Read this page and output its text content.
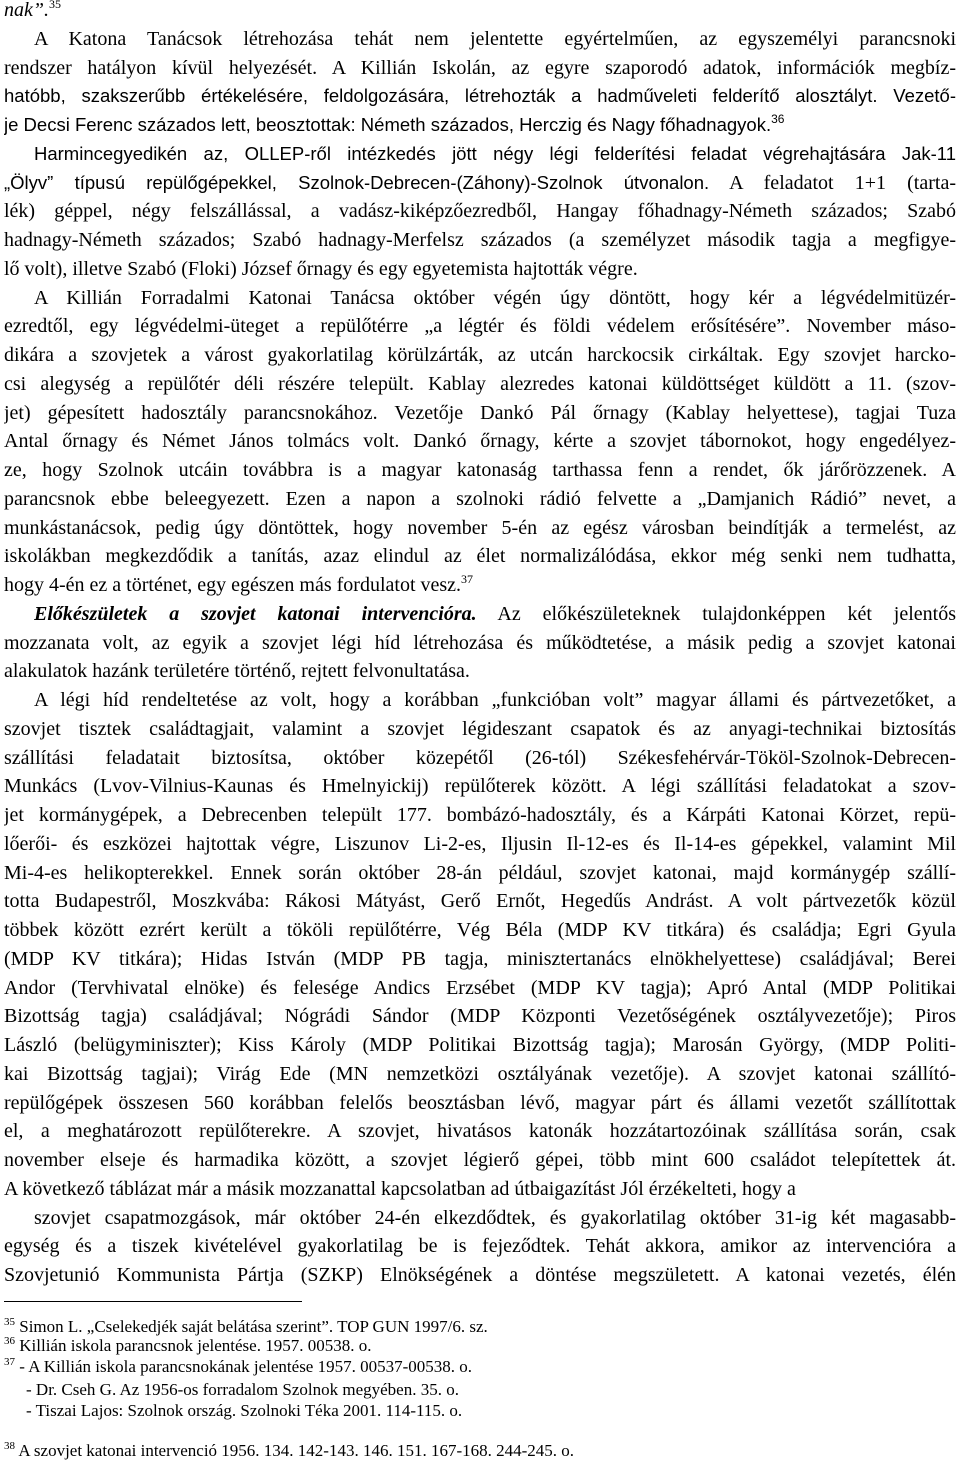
nak”.$^{35}$
A Katona Tanácsok létrehozása tehát nem jelentette egyértelműen, az egyszemélyi parancsnoki
rendszer hatályon kívül helyezését. A Killián Iskolán, az egyre szaporodó adatok, információk megbíz-
hatóbb, szakszerűbb értékelésére, feldolgozására, létrehozták a hadműveleti felderítő alosztályt. Vezető-
je Decsi Ferenc százados lett, beosztottak: Németh százados, Herczig és Nagy főhadnagyok.$^{36}$
Harmincegyedikén az, OLLEP-ről intézkedés jött négy légi felderítési feladat végrehajtására Jak-11
„Ölyv” típusú repülőgépekkel, Szolnok-Debrecen-(Záhony)-Szolnok útvonalon. A feladatot 1+1 (tarta-
lék) géppel, négy felszállással, a vadász-kiképzőezredből, Hangay főhadnagy-Németh százados; Szabó
hadnagy-Németh százados; Szabó hadnagy-Merfelsz százados (a személyzet második tagja a megfigye-
lő volt), illetve Szabó (Floki) József őrnagy és egy egyetemista hajtották végre.
A Killián Forradalmi Katonai Tanácsa október végén úgy döntött, hogy kér a légvédelmitüzér-
ezredtől, egy légvédelmi-üteget a repülőtérre „a légtér és földi védelem erősítésére”. November máso-
dikára a szovjetek a várost gyakorlatilag körülzárták, az utcán harckocsik cirkáltak. Egy szovjet harcko-
csi alegység a repülőtér déli részére települt. Kablay alezredes katonai küldöttséget küldött a 11. (szov-
jet) gépesített hadosztály parancsnokához. Vezetője Dankó Pál őrnagy (Kablay helyettese), tagjai Tuza
Antal őrnagy és Német János tolmács volt. Dankó őrnagy, kérte a szovjet tábornokot, hogy engedélyez-
ze, hogy Szolnok utcáin továbbra is a magyar katonaság tarthassa fenn a rendet, ők járőrözzenek. A
parancsnok ebbe beleegyezett. Ezen a napon a szolnoki rádió felvette a „Damjanich Rádió” nevet, a
munkástanácsok, pedig úgy döntöttek, hogy november 5-én az egész városban beindítják a termelést, az
iskolákban megkezdődik a tanítás, azaz elindul az élet normalizálódása, ekkor még senki nem tudhatta,
hogy 4-én ez a történet, egy egészen más fordulatot vesz.$^{37}$
Előkészületek a szovjet katonai intervencióra. Az előkészületeknek tulajdonképpen két jelentős
mozzanata volt, az egyik a szovjet légi híd létrehozása és működtetése, a másik pedig a szovjet katonai
alakulatok hazánk területére történő, rejtett felvonultatása.
A légi híd rendeltetése az volt, hogy a korábban „funkcióban volt” magyar állami és pártvezetőket, a
szovjet tisztek családtagjait, valamint a szovjet légideszant csapatok és az anyagi-technikai biztosítás
szállítási feladatait biztosítsa, október közepétől (26-tól) Székesfehérvár-Tököl-Szolnok-Debrecen-
Munkács (Lvov-Vilnius-Kaunas és Hmelnyickij) repülőterek között. A légi szállítási feladatokat a szov-
jet kormánygépek, a Debrecenben települt 177. bombázó-hadosztály, és a Kárpáti Katonai Körzet, repü-
lőerői- és eszközei hajtottak végre, Liszunov Li-2-es, Iljusin Il-12-es és Il-14-es gépekkel, valamint Mil
Mi-4-es helikopterekkel. Ennek során október 28-án például, szovjet katonai, majd kormánygép szállí-
totta Budapestről, Moszkvába: Rákosi Mátyást, Gerő Ernőt, Hegedűs Andrást. A volt pártvezetők közül
többek között ezrért került a tököli repülőtérre, Vég Béla (MDP KV titkára) és családja; Egri Gyula
(MDP KV titkára); Hidas István (MDP PB tagja, minisztertanács elnökhelyettese) családjával; Berei
Andor (Tervhivatal elnöke) és felesége Andics Erzsébet (MDP KV tagja); Apró Antal (MDP Politikai
Bizottság tagja) családjával; Nógrádi Sándor (MDP Központi Vezetőségének osztályvezetője); Piros
László (belügyminiszter); Kiss Károly (MDP Politikai Bizottság tagja); Marosán György, (MDP Politi-
kai Bizottság tagjai); Virág Ede (MN nemzetközi osztályának vezetője). A szovjet katonai szállító-
repülőgépek összesen 560 korábban felelős beosztásban lévő, magyar párt és állami vezetőt szállítottak
el, a meghatározott repülőterekre. A szovjet, hivatásos katonák hozzátartozóinak szállítása során, csak
november elseje és harmadika között, a szovjet légierő gépei, több mint 600 családot telepítettek át.
A következő táblázat már a másik mozzanattal kapcsolatban ad útbaigazítást Jól érzékelteti, hogy a
szovjet csapatmozgások, már október 24-én elkezdődtek, és gyakorlatilag október 31-ig két magasabb-
egység és a tiszek kivételével gyakorlatilag be is fejeződtek. Tehát akkora, amikor az intervencióra a
Szovjetunió Kommunista Pártja (SZKP) Elnökségének a döntése megszületett. A katonai vezetés, élén
$^{35}$ Simon L. „Cselekedjék saját belátása szerint”. TOP GUN 1997/6. sz.
$^{36}$ Killián iskola parancsnok jelentése. 1957. 00538. o.
$^{37}$ - A Killián iskola parancsnokának jelentése 1957. 00537-00538. o.
- Dr. Cseh G. Az 1956-os forradalom Szolnok megyében. 35. o.
- Tiszai Lajos: Szolnok ország. Szolnoki Téka 2001. 114-115. o.
$^{38}$ A szovjet katonai intervenció 1956. 134. 142-143. 146. 151. 167-168. 244-245. o.
